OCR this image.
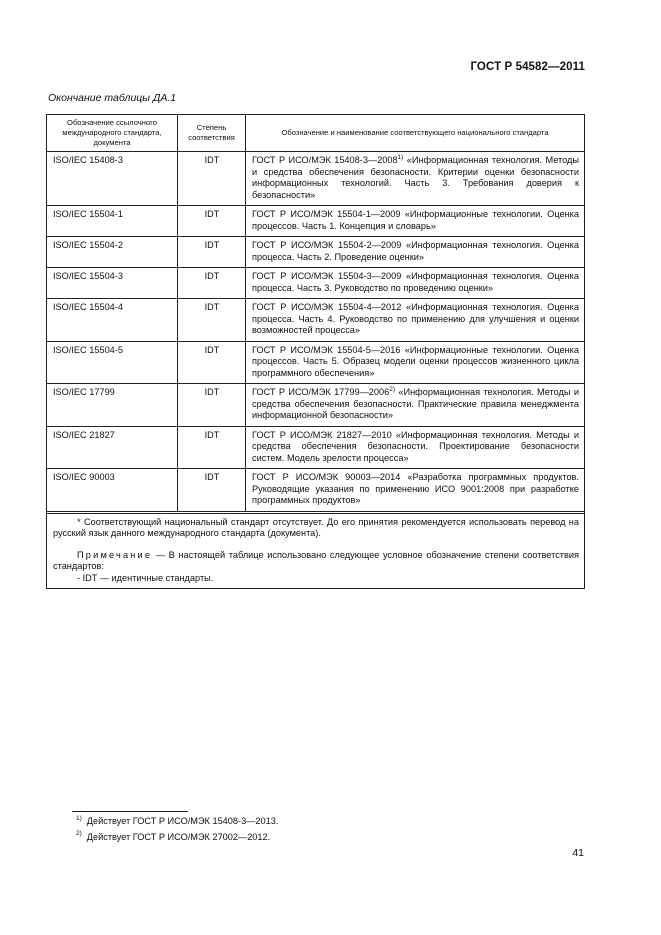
ГОСТ Р 54582—2011
Окончание таблицы ДА.1
Обозначение ссылочного международного стандарта, документа	Степень соответствия	Обозначение и наименование соответствующего национального стандарта
ISO/IEC 15408-3	IDT	ГОСТ Р ИСО/МЭК 15408-3—2008$^{1)}$ «Информационная технология. Методы и средства обеспечения безопасности. Критерии оценки безопасности информационных технологий. Часть 3. Требования доверия к безопасности»
ISO/IEC 15504-1	IDT	ГОСТ Р ИСО/МЭК 15504-1—2009 «Информационные технологии. Оценка процессов. Часть 1. Концепция и словарь»
ISO/IEC 15504-2	IDT	ГОСТ Р ИСО/МЭК 15504-2—2009 «Информационная технология. Оценка процесса. Часть 2. Проведение оценки»
ISO/IEC 15504-3	IDT	ГОСТ Р ИСО/МЭК 15504-3—2009 «Информационная технология. Оценка процесса. Часть 3. Руководство по проведению оценки»
ISO/IEC 15504-4	IDT	ГОСТ Р ИСО/МЭК 15504-4—2012 «Информационная технология. Оценка процесса. Часть 4. Руководство по применению для улучшения и оценки возможностей процесса»
ISO/IEC 15504-5	IDT	ГОСТ Р ИСО/МЭК 15504-5—2016 «Информационные технологии. Оценка процессов. Часть 5. Образец модели оценки процессов жизненного цикла программного обеспечения»
ISO/IEC 17799	IDT	ГОСТ Р ИСО/МЭК 17799—2006$^{2)}$ «Информационная технология. Методы и средства обеспечения безопасности. Практические правила менеджмента информационной безопасности»
ISO/IEC 21827	IDT	ГОСТ Р ИСО/МЭК 21827—2010 «Информационная технология. Методы и средства обеспечения безопасности. Проектирование безопасности систем. Модель зрелости процесса»
ISO/IEC 90003	IDT	ГОСТ Р ИСО/МЭК 90003—2014 «Разработка программных продуктов. Руководящие указания по применению ИСО 9001:2008 при разработке программных продуктов»

* Соответствующий национальный стандарт отсутствует. До его принятия рекомендуется использовать перевод на русский язык данного международного стандарта (документа).

Примечание — В настоящей таблице использовано следующее условное обозначение степени соответствия стандартов:

- IDT — идентичные стандарты.		

$^{1)}$ Действует ГОСТ Р ИСО/МЭК 15408-3—2013.

$^{2)}$ Действует ГОСТ Р ИСО/МЭК 27002—2012.

41
